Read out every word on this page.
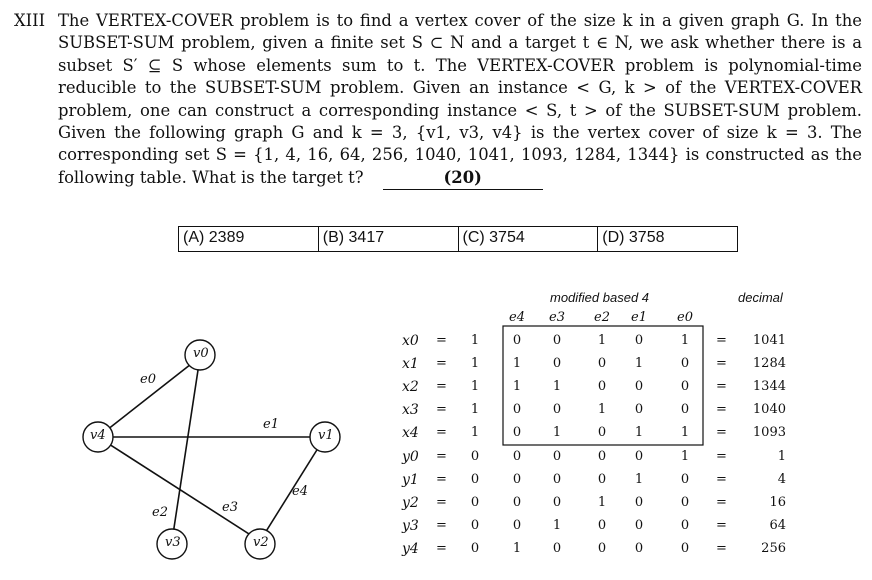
XIII The VERTEX-COVER problem is to find a vertex cover of the size k in a given graph G. In the SUBSET-SUM problem, given a finite set S ⊂ N and a target t ∈ N, we ask whether there is a subset S′ ⊆ S whose elements sum to t. The VERTEX-COVER problem is polynomial-time reducible to the SUBSET-SUM problem. Given an instance < G, k > of the VERTEX-COVER problem, one can construct a corresponding instance < S, t > of the SUBSET-SUM problem. Given the following graph G and k = 3, {v1, v3, v4} is the vertex cover of size k = 3. The corresponding set S = {1, 4, 16, 64, 256, 1040, 1041, 1093, 1284, 1344} is constructed as the following table. What is the target t?	(20)
(A) 2389	(B) 3417	(C) 3754	(D) 3758
v0
v1
v2
v3
v4
e0
e1
e2	e3
e4
modified based 4	decimal
e4	e3	e2	e1	e0
x0 =	1	0	0	1	0	1	=	1041
x1 =	1	1	0	0	1	0	=	1284
x2 =	1	1	1	0	0	0	=	1344
x3 =	1	0	0	1	0	0	=	1040
x4 =	1	0	1	0	1	1	=	1093
y0 =	0	0	0	0	0	1	=	1
y1 =	0	0	0	0	1	0	=	4
y2 =	0	0	0	1	0	0	=	16
y3 =	0	0	1	0	0	0	=	64
y4 =	0	1	0	0	0	0	=	256
